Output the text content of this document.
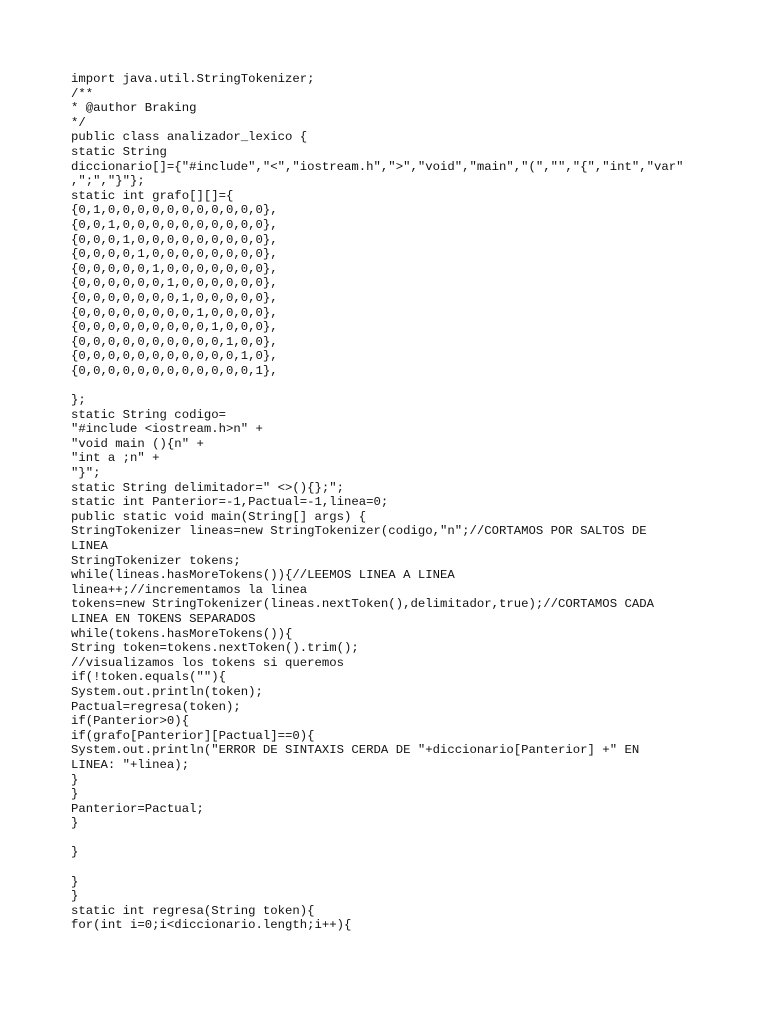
import java.util.StringTokenizer;
/**
* @author Braking
*/
public class analizador_lexico {
static String
diccionario[]={"#include","<","iostream.h",">","void","main","(","","{","int","var"
,";","}"};
static int grafo[][]={
{0,1,0,0,0,0,0,0,0,0,0,0,0},
{0,0,1,0,0,0,0,0,0,0,0,0,0},
{0,0,0,1,0,0,0,0,0,0,0,0,0},
{0,0,0,0,1,0,0,0,0,0,0,0,0},
{0,0,0,0,0,1,0,0,0,0,0,0,0},
{0,0,0,0,0,0,1,0,0,0,0,0,0},
{0,0,0,0,0,0,0,1,0,0,0,0,0},
{0,0,0,0,0,0,0,0,1,0,0,0,0},
{0,0,0,0,0,0,0,0,0,1,0,0,0},
{0,0,0,0,0,0,0,0,0,0,1,0,0},
{0,0,0,0,0,0,0,0,0,0,0,1,0},
{0,0,0,0,0,0,0,0,0,0,0,0,1},

};
static String codigo=
"#include <iostream.h>n" +
"void main (){n" +
"int a ;n" +
"}";
static String delimitador=" <>(){};";
static int Panterior=-1,Pactual=-1,linea=0;
public static void main(String[] args) {
StringTokenizer lineas=new StringTokenizer(codigo,"n";//CORTAMOS POR SALTOS DE
LINEA
StringTokenizer tokens;
while(lineas.hasMoreTokens()){//LEEMOS LINEA A LINEA
linea++;//incrementamos la linea
tokens=new StringTokenizer(lineas.nextToken(),delimitador,true);//CORTAMOS CADA
LINEA EN TOKENS SEPARADOS
while(tokens.hasMoreTokens()){
String token=tokens.nextToken().trim();
//visualizamos los tokens si queremos
if(!token.equals(""){
System.out.println(token);
Pactual=regresa(token);
if(Panterior>0){
if(grafo[Panterior][Pactual]==0){
System.out.println("ERROR DE SINTAXIS CERDA DE "+diccionario[Panterior] +" EN
LINEA: "+linea);
}
}
Panterior=Pactual;
}

}

}
}
static int regresa(String token){
for(int i=0;i<diccionario.length;i++){
